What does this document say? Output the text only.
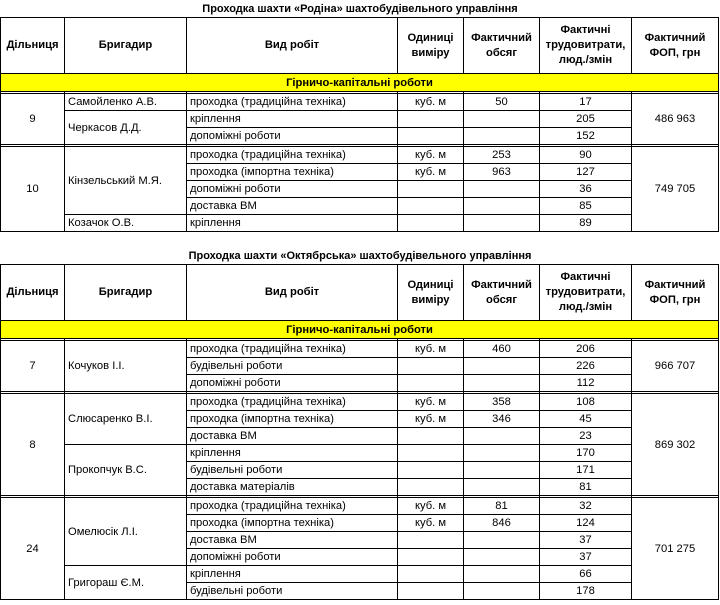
Проходка шахти «Родіна» шахтобудівельного управління
Дільниця	Бригадир	Вид робіт	Одиниці виміру	Фактичний обсяг	Фактичні трудовитрати, люд./змін	Фактичний ФОП, грн
Гірничо-капітальні роботи						

9	Самойленко А.В.	проходка (традиційна техніка)	куб. м	50	17	486 963
	Черкасов Д.Д.	кріплення			205	
		допоміжні роботи			152	

10	Кінзельський М.Я.	проходка (традиційна техніка)	куб. м	253	90	749 705
		проходка (імпортна техніка)	куб. м	963	127	
		допоміжні роботи			36	
		доставка ВМ			85	
	Козачок О.В.	кріплення			89	
Проходка шахти «Октябрська» шахтобудівельного управління
Дільниця	Бригадир	Вид робіт	Одиниці виміру	Фактичний обсяг	Фактичні трудовитрати, люд./змін	Фактичний ФОП, грн
Гірничо-капітальні роботи						

7	Кочуков І.І.	проходка (традиційна техніка)	куб. м	460	206	966 707
		будівельні роботи			226	
		допоміжні роботи			112	

8	Слюсаренко В.І.	проходка (традиційна техніка)	куб. м	358	108	869 302
		проходка (імпортна техніка)	куб. м	346	45	
		доставка ВМ			23	
	Прокопчук В.С.	кріплення			170	
		будівельні роботи			171	
		доставка матеріалів			81	

24	Омелюсік Л.І.	проходка (традиційна техніка)	куб. м	81	32	701 275
		проходка (імпортна техніка)	куб. м	846	124	
		доставка ВМ			37	
		допоміжні роботи			37	
	Григораш Є.М.	кріплення			66	
		будівельні роботи			178	
